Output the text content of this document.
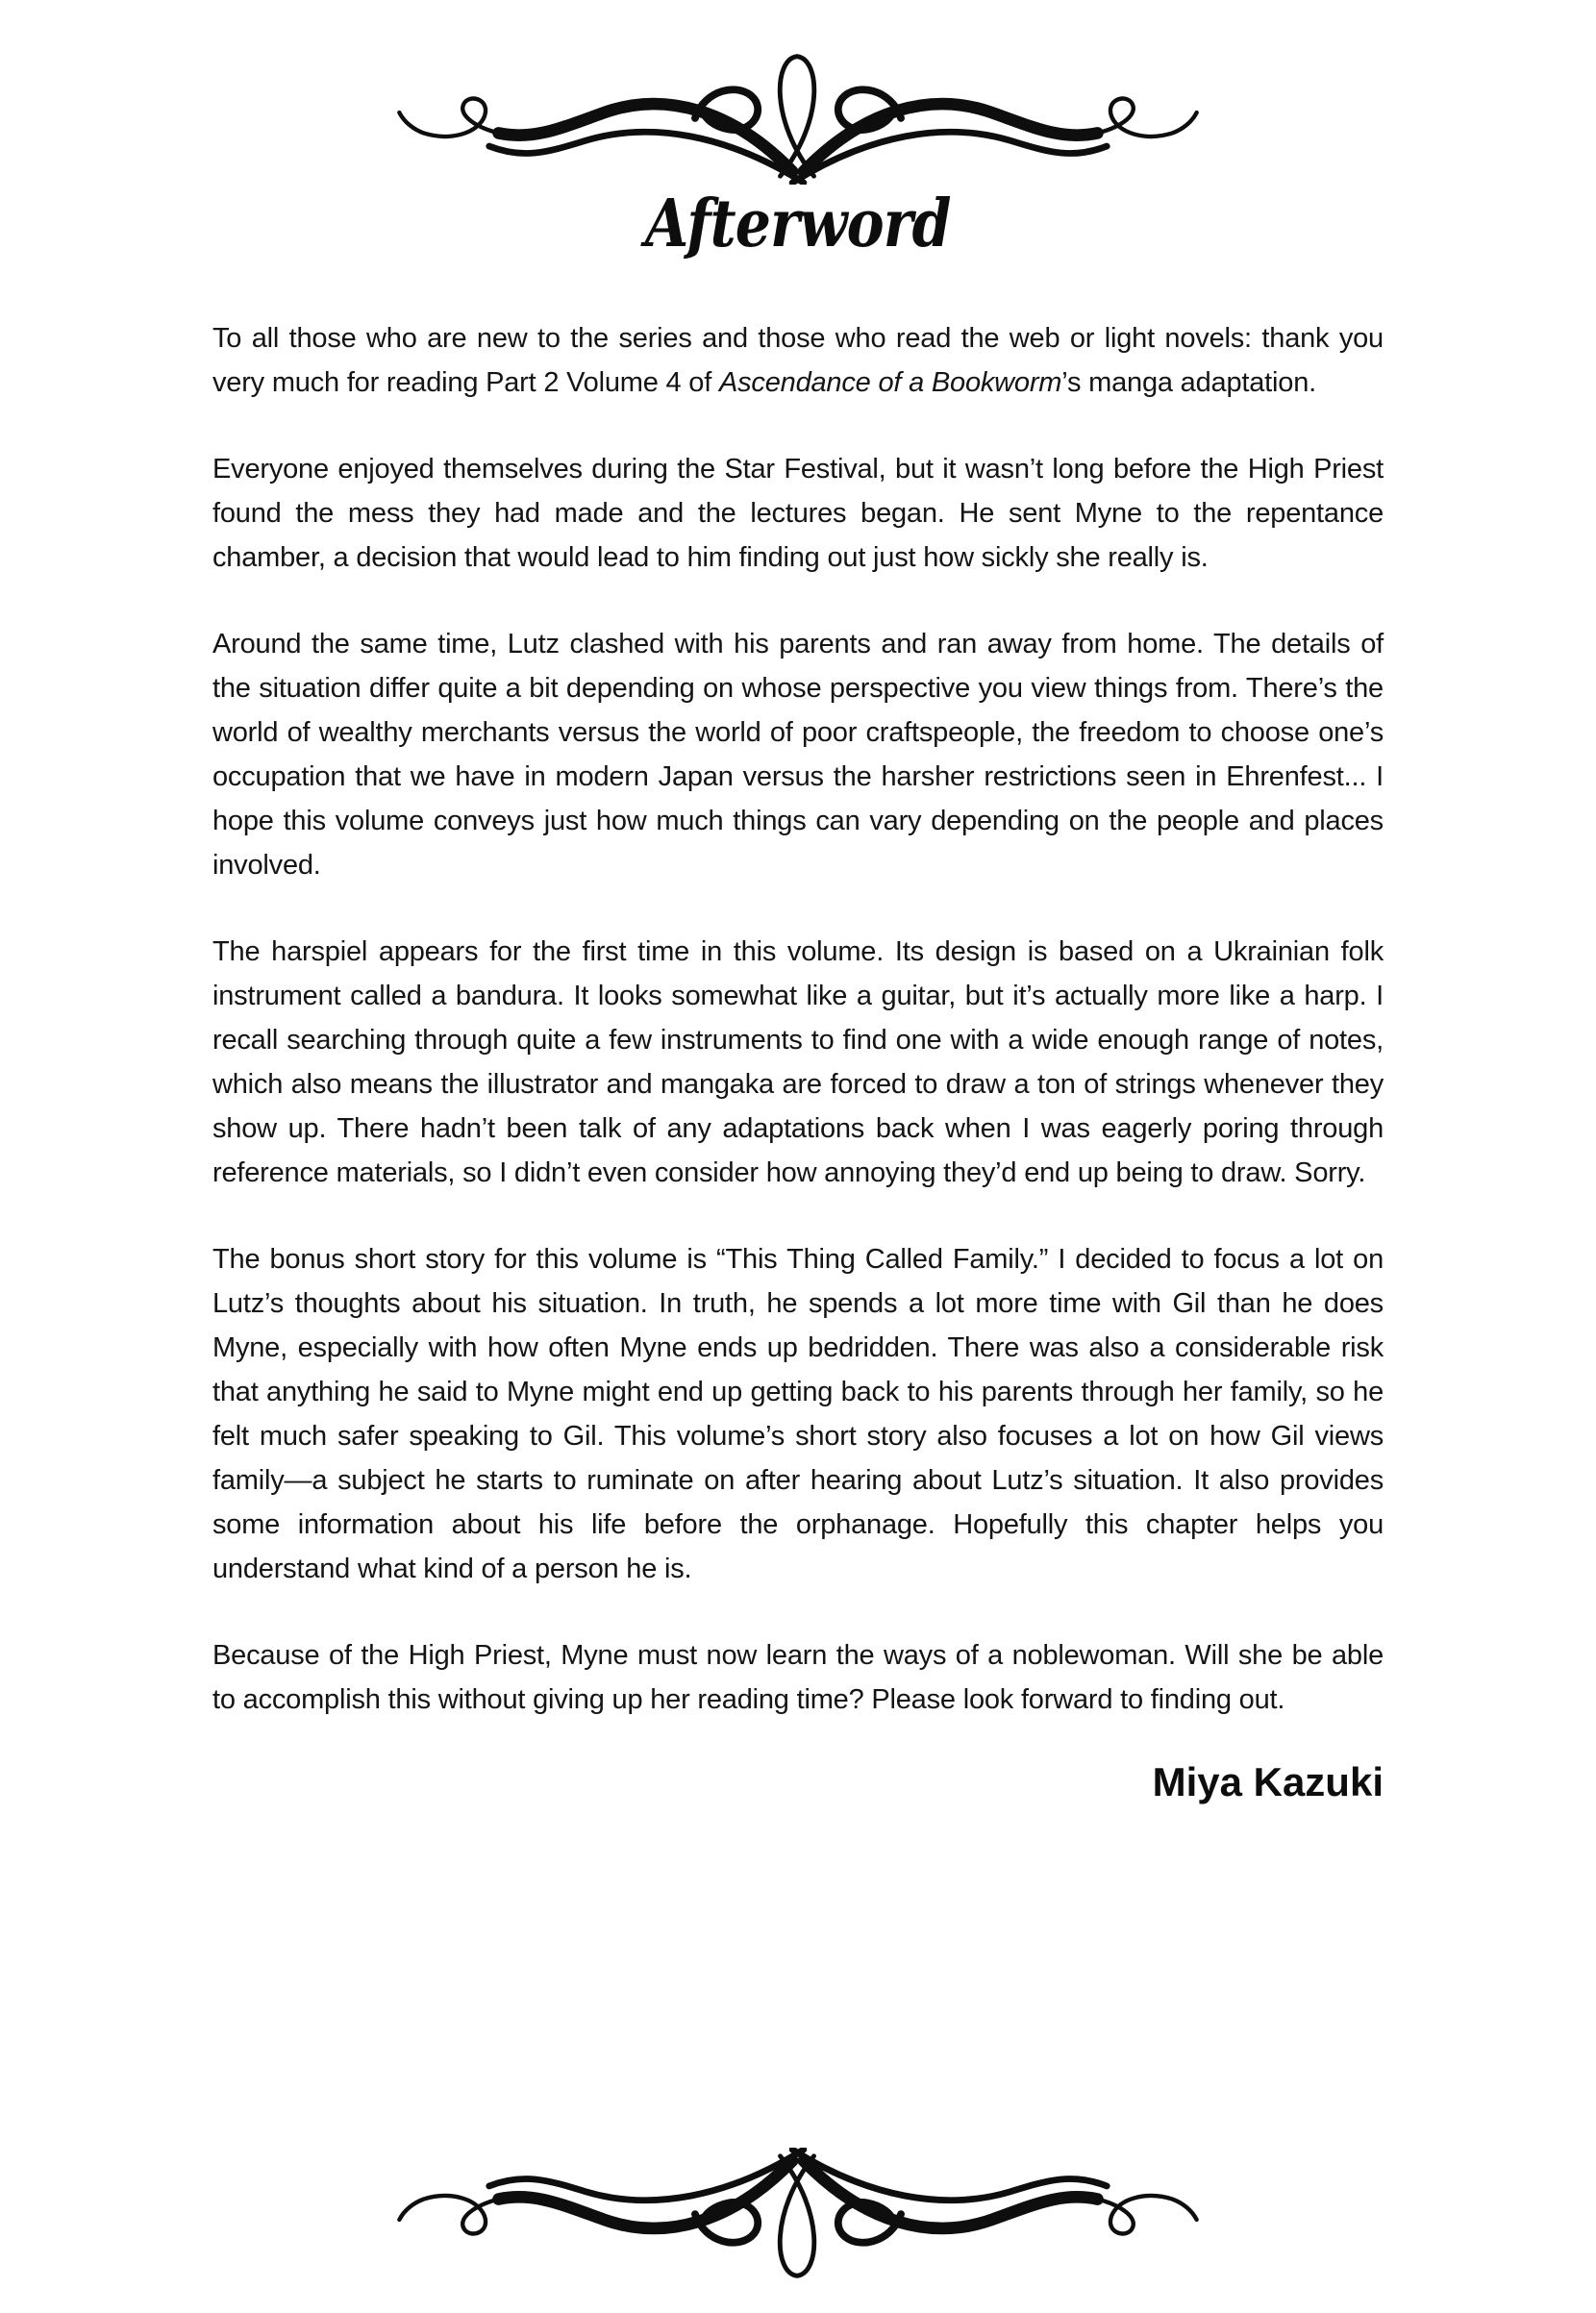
Afterword

To all those who are new to the series and those who read the web or light novels: thank you very much for reading Part 2 Volume 4 of Ascendance of a Bookworm’s manga adaptation.

Everyone enjoyed themselves during the Star Festival, but it wasn’t long before the High Priest found the mess they had made and the lectures began. He sent Myne to the repentance chamber, a decision that would lead to him finding out just how sickly she really is.

Around the same time, Lutz clashed with his parents and ran away from home. The details of the situation differ quite a bit depending on whose perspective you view things from. There’s the world of wealthy merchants versus the world of poor craftspeople, the freedom to choose one’s occupation that we have in modern Japan versus the harsher restrictions seen in Ehrenfest... I hope this volume conveys just how much things can vary depending on the people and places involved.

The harspiel appears for the first time in this volume. Its design is based on a Ukrainian folk instrument called a bandura. It looks somewhat like a guitar, but it’s actually more like a harp. I recall searching through quite a few instruments to find one with a wide enough range of notes, which also means the illustrator and mangaka are forced to draw a ton of strings whenever they show up. There hadn’t been talk of any adaptations back when I was eagerly poring through reference materials, so I didn’t even consider how annoying they’d end up being to draw. Sorry.

The bonus short story for this volume is “This Thing Called Family.” I decided to focus a lot on Lutz’s thoughts about his situation. In truth, he spends a lot more time with Gil than he does Myne, especially with how often Myne ends up bedridden. There was also a considerable risk that anything he said to Myne might end up getting back to his parents through her family, so he felt much safer speaking to Gil. This volume’s short story also focuses a lot on how Gil views family—a subject he starts to ruminate on after hearing about Lutz’s situation. It also provides some information about his life before the orphanage. Hopefully this chapter helps you understand what kind of a person he is.

Because of the High Priest, Myne must now learn the ways of a noblewoman. Will she be able to accomplish this without giving up her reading time? Please look forward to finding out.

Miya Kazuki
